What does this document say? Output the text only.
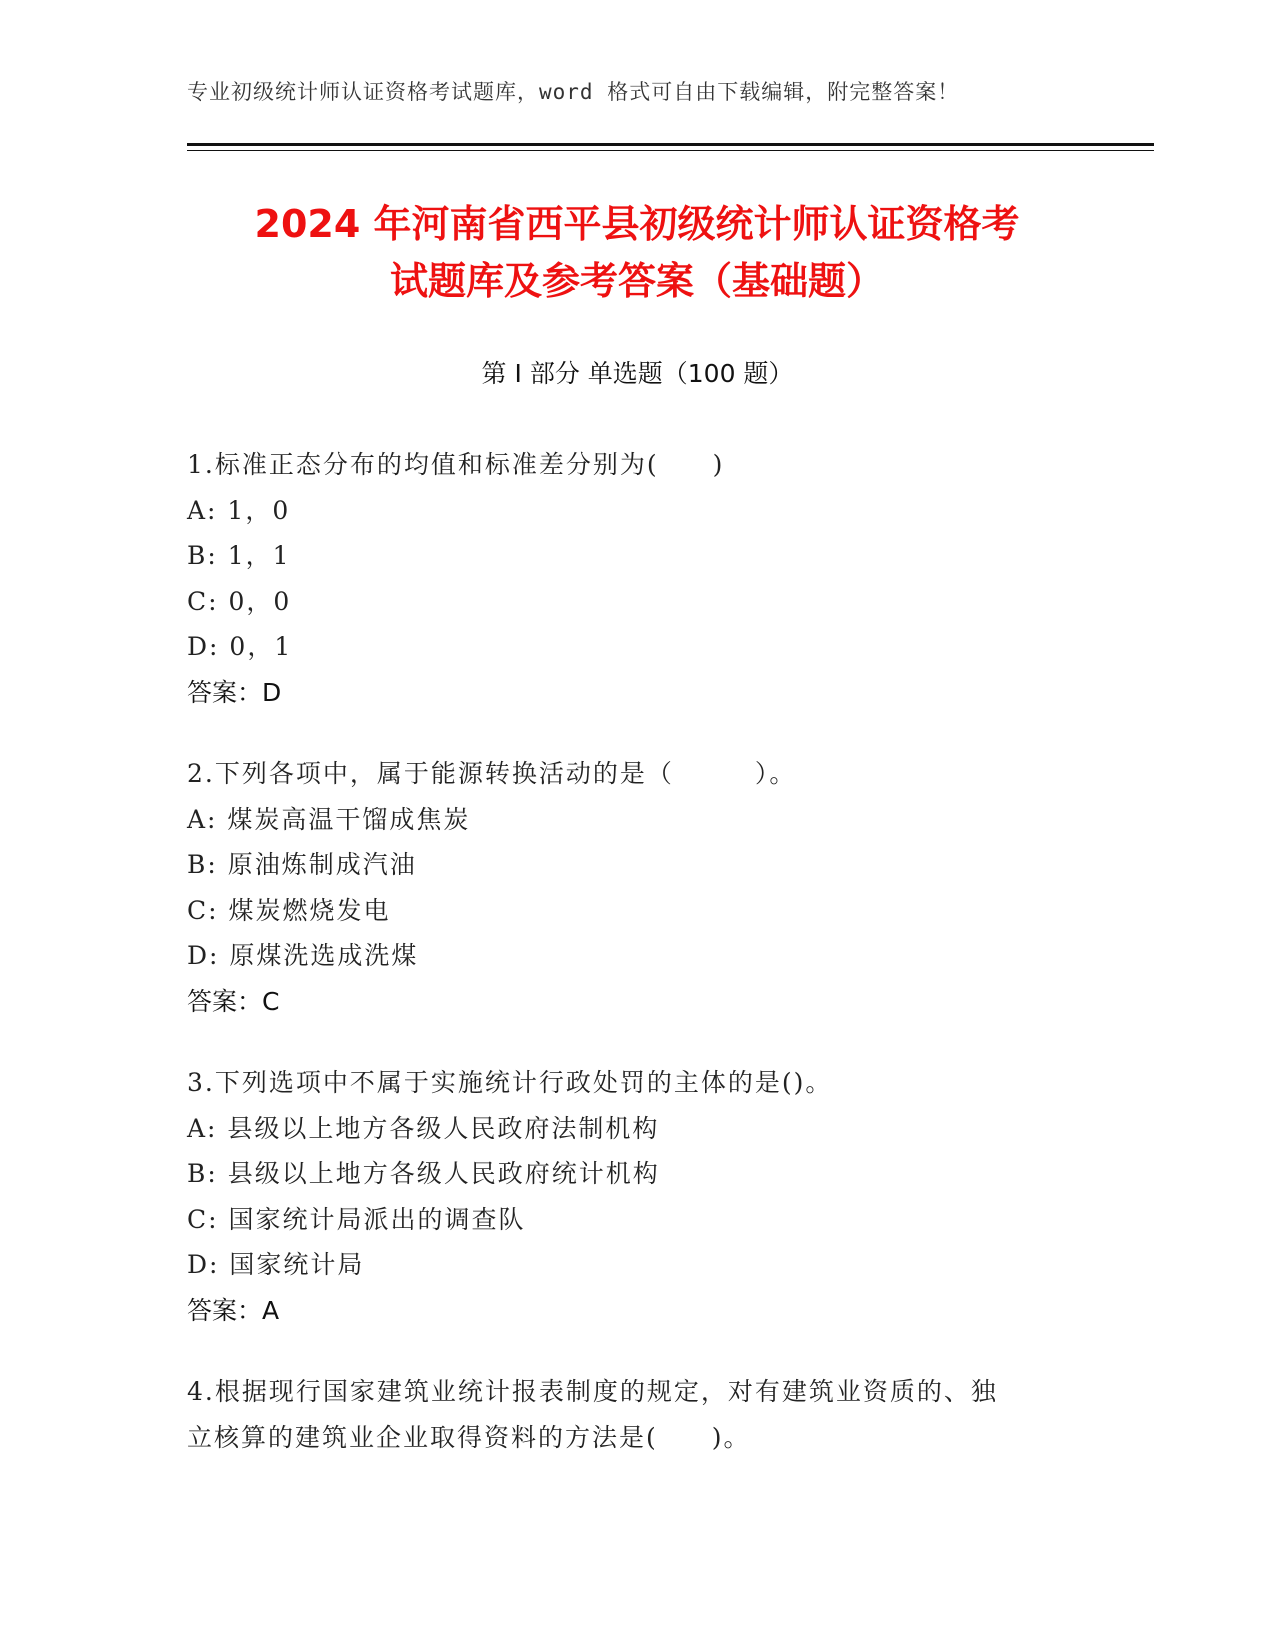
专业初级统计师认证资格考试题库，word 格式可自由下载编辑，附完整答案！
2024 年河南省西平县初级统计师认证资格考
试题库及参考答案（基础题）
第 I 部分 单选题（100 题）
1.标准正态分布的均值和标准差分别为(　　)
A: 1，0
B: 1，1
C: 0，0
D: 0，1
答案：D
2.下列各项中，属于能源转换活动的是（　　　）。
A: 煤炭高温干馏成焦炭
B: 原油炼制成汽油
C: 煤炭燃烧发电
D: 原煤洗选成洗煤
答案：C
3.下列选项中不属于实施统计行政处罚的主体的是()。
A: 县级以上地方各级人民政府法制机构
B: 县级以上地方各级人民政府统计机构
C: 国家统计局派出的调查队
D: 国家统计局
答案：A
4.根据现行国家建筑业统计报表制度的规定，对有建筑业资质的、独
立核算的建筑业企业取得资料的方法是(　　)。
